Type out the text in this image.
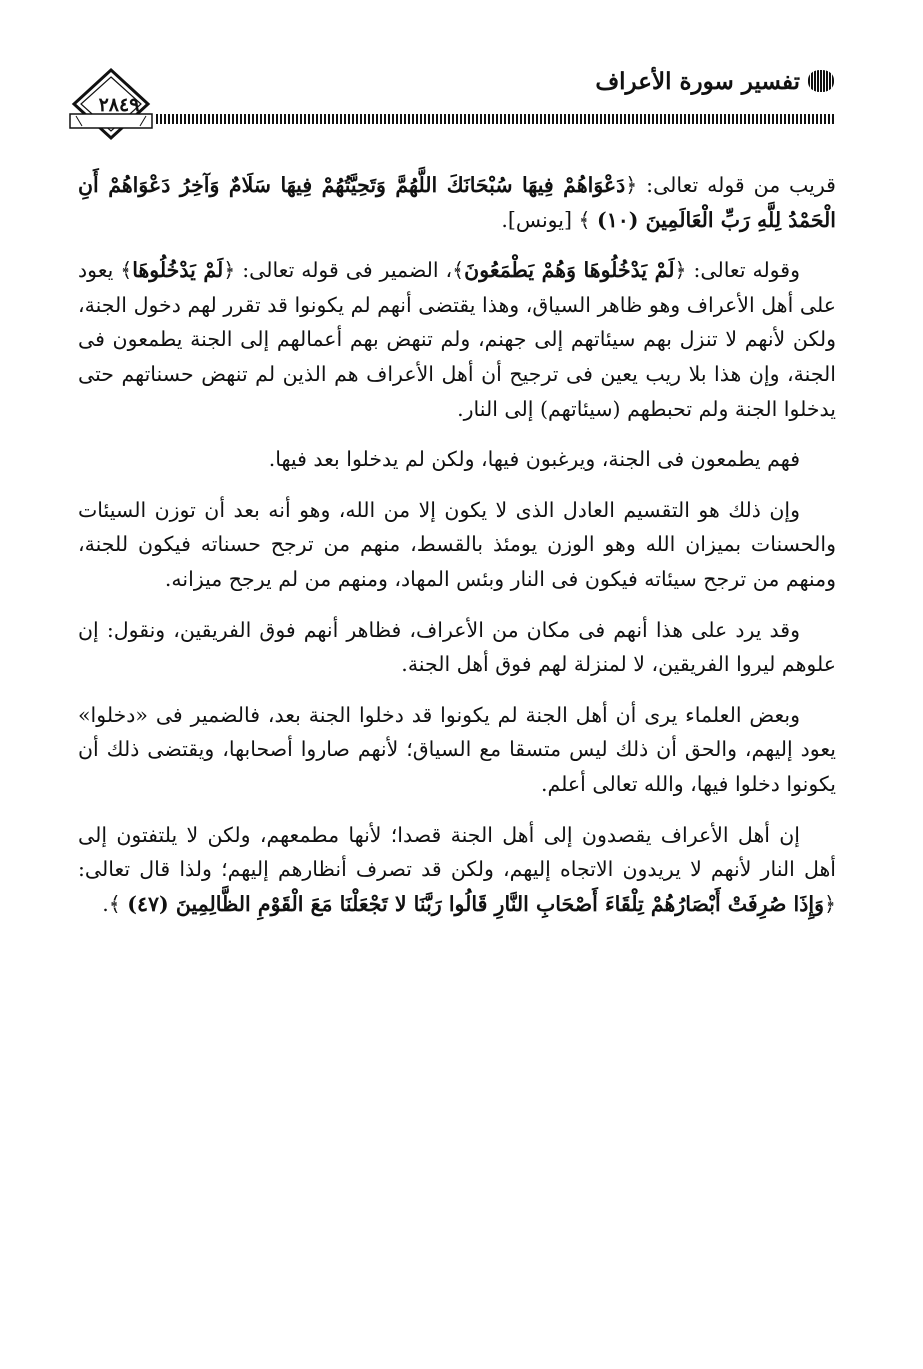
٢٨٤٩
تفسير سورة الأعراف

قريب من قوله تعالى: ﴿دَعْوَاهُمْ فِيهَا سُبْحَانَكَ اللَّهُمَّ وَتَحِيَّتُهُمْ فِيهَا سَلَامٌ وَآخِرُ دَعْوَاهُمْ أَنِ الْحَمْدُ لِلَّهِ رَبِّ الْعَالَمِينَ (١٠) ﴾ [يونس].

وقوله تعالى: ﴿لَمْ يَدْخُلُوهَا وَهُمْ يَطْمَعُونَ﴾، الضمير فى قوله تعالى: ﴿لَمْ يَدْخُلُوهَا﴾ يعود على أهل الأعراف وهو ظاهر السياق، وهذا يقتضى أنهم لم يكونوا قد تقرر لهم دخول الجنة، ولكن لأنهم لا تنزل بهم سيئاتهم إلى جهنم، ولم تنهض بهم أعمالهم إلى الجنة يطمعون فى الجنة، وإن هذا بلا ريب يعين فى ترجيح أن أهل الأعراف هم الذين لم تنهض حسناتهم حتى يدخلوا الجنة ولم تحبطهم (سيئاتهم) إلى النار.

فهم يطمعون فى الجنة، ويرغبون فيها، ولكن لم يدخلوا بعد فيها.

وإن ذلك هو التقسيم العادل الذى لا يكون إلا من الله، وهو أنه بعد أن توزن السيئات والحسنات بميزان الله وهو الوزن يومئذ بالقسط، منهم من ترجح حسناته فيكون للجنة، ومنهم من ترجح سيئاته فيكون فى النار وبئس المهاد، ومنهم من لم يرجح ميزانه.

وقد يرد على هذا أنهم فى مكان من الأعراف، فظاهر أنهم فوق الفريقين، ونقول: إن علوهم ليروا الفريقين، لا لمنزلة لهم فوق أهل الجنة.

وبعض العلماء يرى أن أهل الجنة لم يكونوا قد دخلوا الجنة بعد، فالضمير فى «دخلوا» يعود إليهم، والحق أن ذلك ليس متسقا مع السياق؛ لأنهم صاروا أصحابها، ويقتضى ذلك أن يكونوا دخلوا فيها، والله تعالى أعلم.

إن أهل الأعراف يقصدون إلى أهل الجنة قصدا؛ لأنها مطمعهم، ولكن لا يلتفتون إلى أهل النار لأنهم لا يريدون الاتجاه إليهم، ولكن قد تصرف أنظارهم إليهم؛ ولذا قال تعالى: ﴿وَإِذَا صُرِفَتْ أَبْصَارُهُمْ تِلْقَاءَ أَصْحَابِ النَّارِ قَالُوا رَبَّنَا لا تَجْعَلْنَا مَعَ الْقَوْمِ الظَّالِمِينَ (٤٧) ﴾.
